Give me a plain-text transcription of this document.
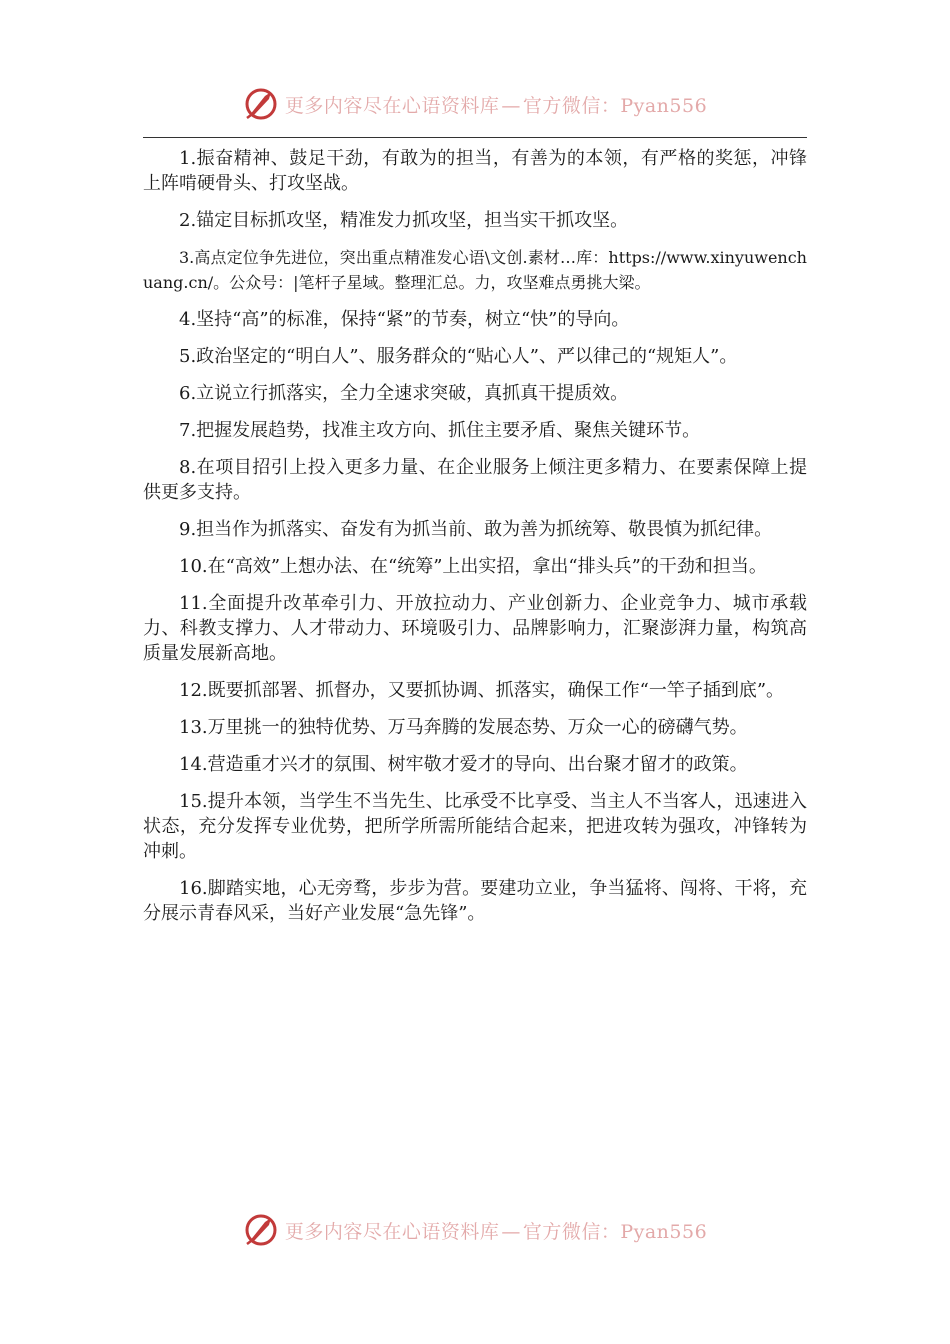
更多内容尽在心语资料库 — 官方微信：Pyan556

1.振奋精神、鼓足干劲，有敢为的担当，有善为的本领，有严格的奖惩，冲锋上阵啃硬骨头、打攻坚战。

2.锚定目标抓攻坚，精准发力抓攻坚，担当实干抓攻坚。

3.高点定位争先进位，突出重点精准发心语\文创.素材…库：https://www.xinyuwenchuang.cn/。公众号：|笔杆子星域。整理汇总。力，攻坚难点勇挑大梁。

4.坚持“高”的标准，保持“紧”的节奏，树立“快”的导向。

5.政治坚定的“明白人”、服务群众的“贴心人”、严以律己的“规矩人”。

6.立说立行抓落实，全力全速求突破，真抓真干提质效。

7.把握发展趋势，找准主攻方向、抓住主要矛盾、聚焦关键环节。

8.在项目招引上投入更多力量、在企业服务上倾注更多精力、在要素保障上提供更多支持。

9.担当作为抓落实、奋发有为抓当前、敢为善为抓统筹、敬畏慎为抓纪律。

10.在“高效”上想办法、在“统筹”上出实招，拿出“排头兵”的干劲和担当。

11.全面提升改革牵引力、开放拉动力、产业创新力、企业竞争力、城市承载力、科教支撑力、人才带动力、环境吸引力、品牌影响力，汇聚澎湃力量，构筑高质量发展新高地。

12.既要抓部署、抓督办，又要抓协调、抓落实，确保工作“一竿子插到底”。

13.万里挑一的独特优势、万马奔腾的发展态势、万众一心的磅礴气势。

14.营造重才兴才的氛围、树牢敬才爱才的导向、出台聚才留才的政策。

15.提升本领，当学生不当先生、比承受不比享受、当主人不当客人，迅速进入状态，充分发挥专业优势，把所学所需所能结合起来，把进攻转为强攻，冲锋转为冲刺。

16.脚踏实地，心无旁骛，步步为营。要建功立业，争当猛将、闯将、干将，充分展示青春风采，当好产业发展“急先锋”。

更多内容尽在心语资料库 — 官方微信：Pyan556
